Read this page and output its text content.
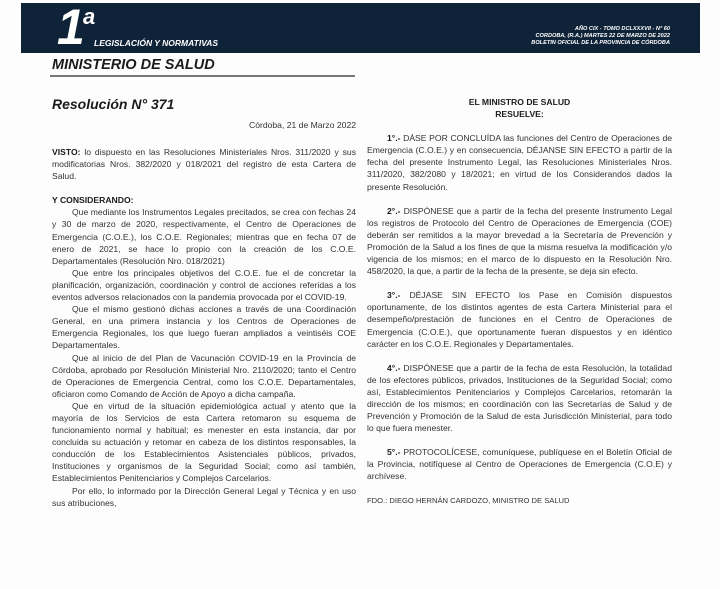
1 a
LEGISLACIÓN Y NORMATIVAS
AÑO CIX - TOMO DCLXXXVII - N° 60
CORDOBA, (R.A.) MARTES 22 DE MARZO DE 2022
BOLETIN OFICIAL DE LA PROVINCIA DE CÓRDOBA
MINISTERIO DE SALUD
Resolución N° 371
Córdoba, 21 de Marzo 2022

VISTO: lo dispuesto en las Resoluciones Ministeriales Nros. 311/2020 y sus modificatorias Nros. 382/2020 y 018/2021 del registro de esta Cartera de Salud.

Y CONSIDERANDO:

Que mediante los Instrumentos Legales precitados, se crea con fechas 24 y 30 de marzo de 2020, respectivamente, el Centro de Operaciones de Emergencia (C.O.E.), los C.O.E. Regionales; mientras que en fecha 07 de enero de 2021, se hace lo propio con la creación de los C.O.E. Departamentales (Resolución Nro. 018/2021)

Que entre los principales objetivos del C.O.E. fue el de concretar la planificación, organización, coordinación y control de acciones referidas a los eventos adversos relacionados con la pandemia provocada por el COVID-19.

Que el mismo gestionó dichas acciones a través de una Coordinación General, en una primera instancia y los Centros de Operaciones de Emergencia Regionales, los que luego fueran ampliados a veintiséis COE Departamentales.

Que al inicio de del Plan de Vacunación COVID-19 en la Provincia de Córdoba, aprobado por Resolución Ministerial Nro. 2110/2020; tanto el Centro de Operaciones de Emergencia Central, como los C.O.E. Departamentales, oficiaron como Comando de Acción de Apoyo a dicha campaña.

Que en virtud de la situación epidemiológica actual y atento que la mayoría de los Servicios de esta Cartera retomaron su esquema de funcionamiento normal y habitual; es menester en esta instancia, dar por concluida su actuación y retomar en cabeza de los distintos responsables, la conducción de los Establecimientos Asistenciales públicos, privados, Instituciones y organismos de la Seguridad Social; como así también, Establecimientos Penitenciarios y Complejos Carcelarios.

Por ello, lo informado por la Dirección General Legal y Técnica y en uso sus atribuciones,

EL MINISTRO DE SALUD

RESUELVE:

1°.- DÁSE POR CONCLUÍDA las funciones del Centro de Operaciones de Emergencia (C.O.E.) y en consecuencia, DÉJANSE SIN EFECTO a partir de la fecha del presente Instrumento Legal, las Resoluciones Ministeriales Nros. 311/2020, 382/2080 y 18/2021; en virtud de los Considerandos dados la presente Resolución.

2°.- DISPÓNESE que a partir de la fecha del presente Instrumento Legal los registros de Protocolo del Centro de Operaciones de Emergencia (COE) deberán ser remitidos a la mayor brevedad a la Secretaría de Prevención y Promoción de la Salud a los fines de que la misma resuelva la modificación y/o vigencia de los mismos; en el marco de lo dispuesto en la Resolución Nro. 458/2020, la que, a partir de la fecha de la presente, se deja sin efecto.

3°.- DÉJASE SIN EFECTO los Pase en Comisión dispuestos oportunamente, de los distintos agentes de esta Cartera Ministerial para el desempeño/prestación de funciones en el Centro de Operaciones de Emergencia (C.O.E.), que oportunamente fueran dispuestos y en idéntico carácter en los C.O.E. Regionales y Departamentales.

4°.- DISPÓNESE que a partir de la fecha de esta Resolución, la totalidad de los efectores públicos, privados, Instituciones de la Seguridad Social; como así, Establecimientos Penitenciarios y Complejos Carcelarios, retomarán la dirección de los mismos; en coordinación con las Secretarías de Salud y de Prevención y Promoción de la Salud de esta Jurisdicción Ministerial, para todo lo que fuera menester.

5°.- PROTOCOLÍCESE, comuníquese, publíquese en el Boletín Oficial de la Provincia, notifíquese al Centro de Operaciones de Emergencia (C.O.E) y archívese.

FDO.: DIEGO HERNÁN CARDOZO, MINISTRO DE SALUD
